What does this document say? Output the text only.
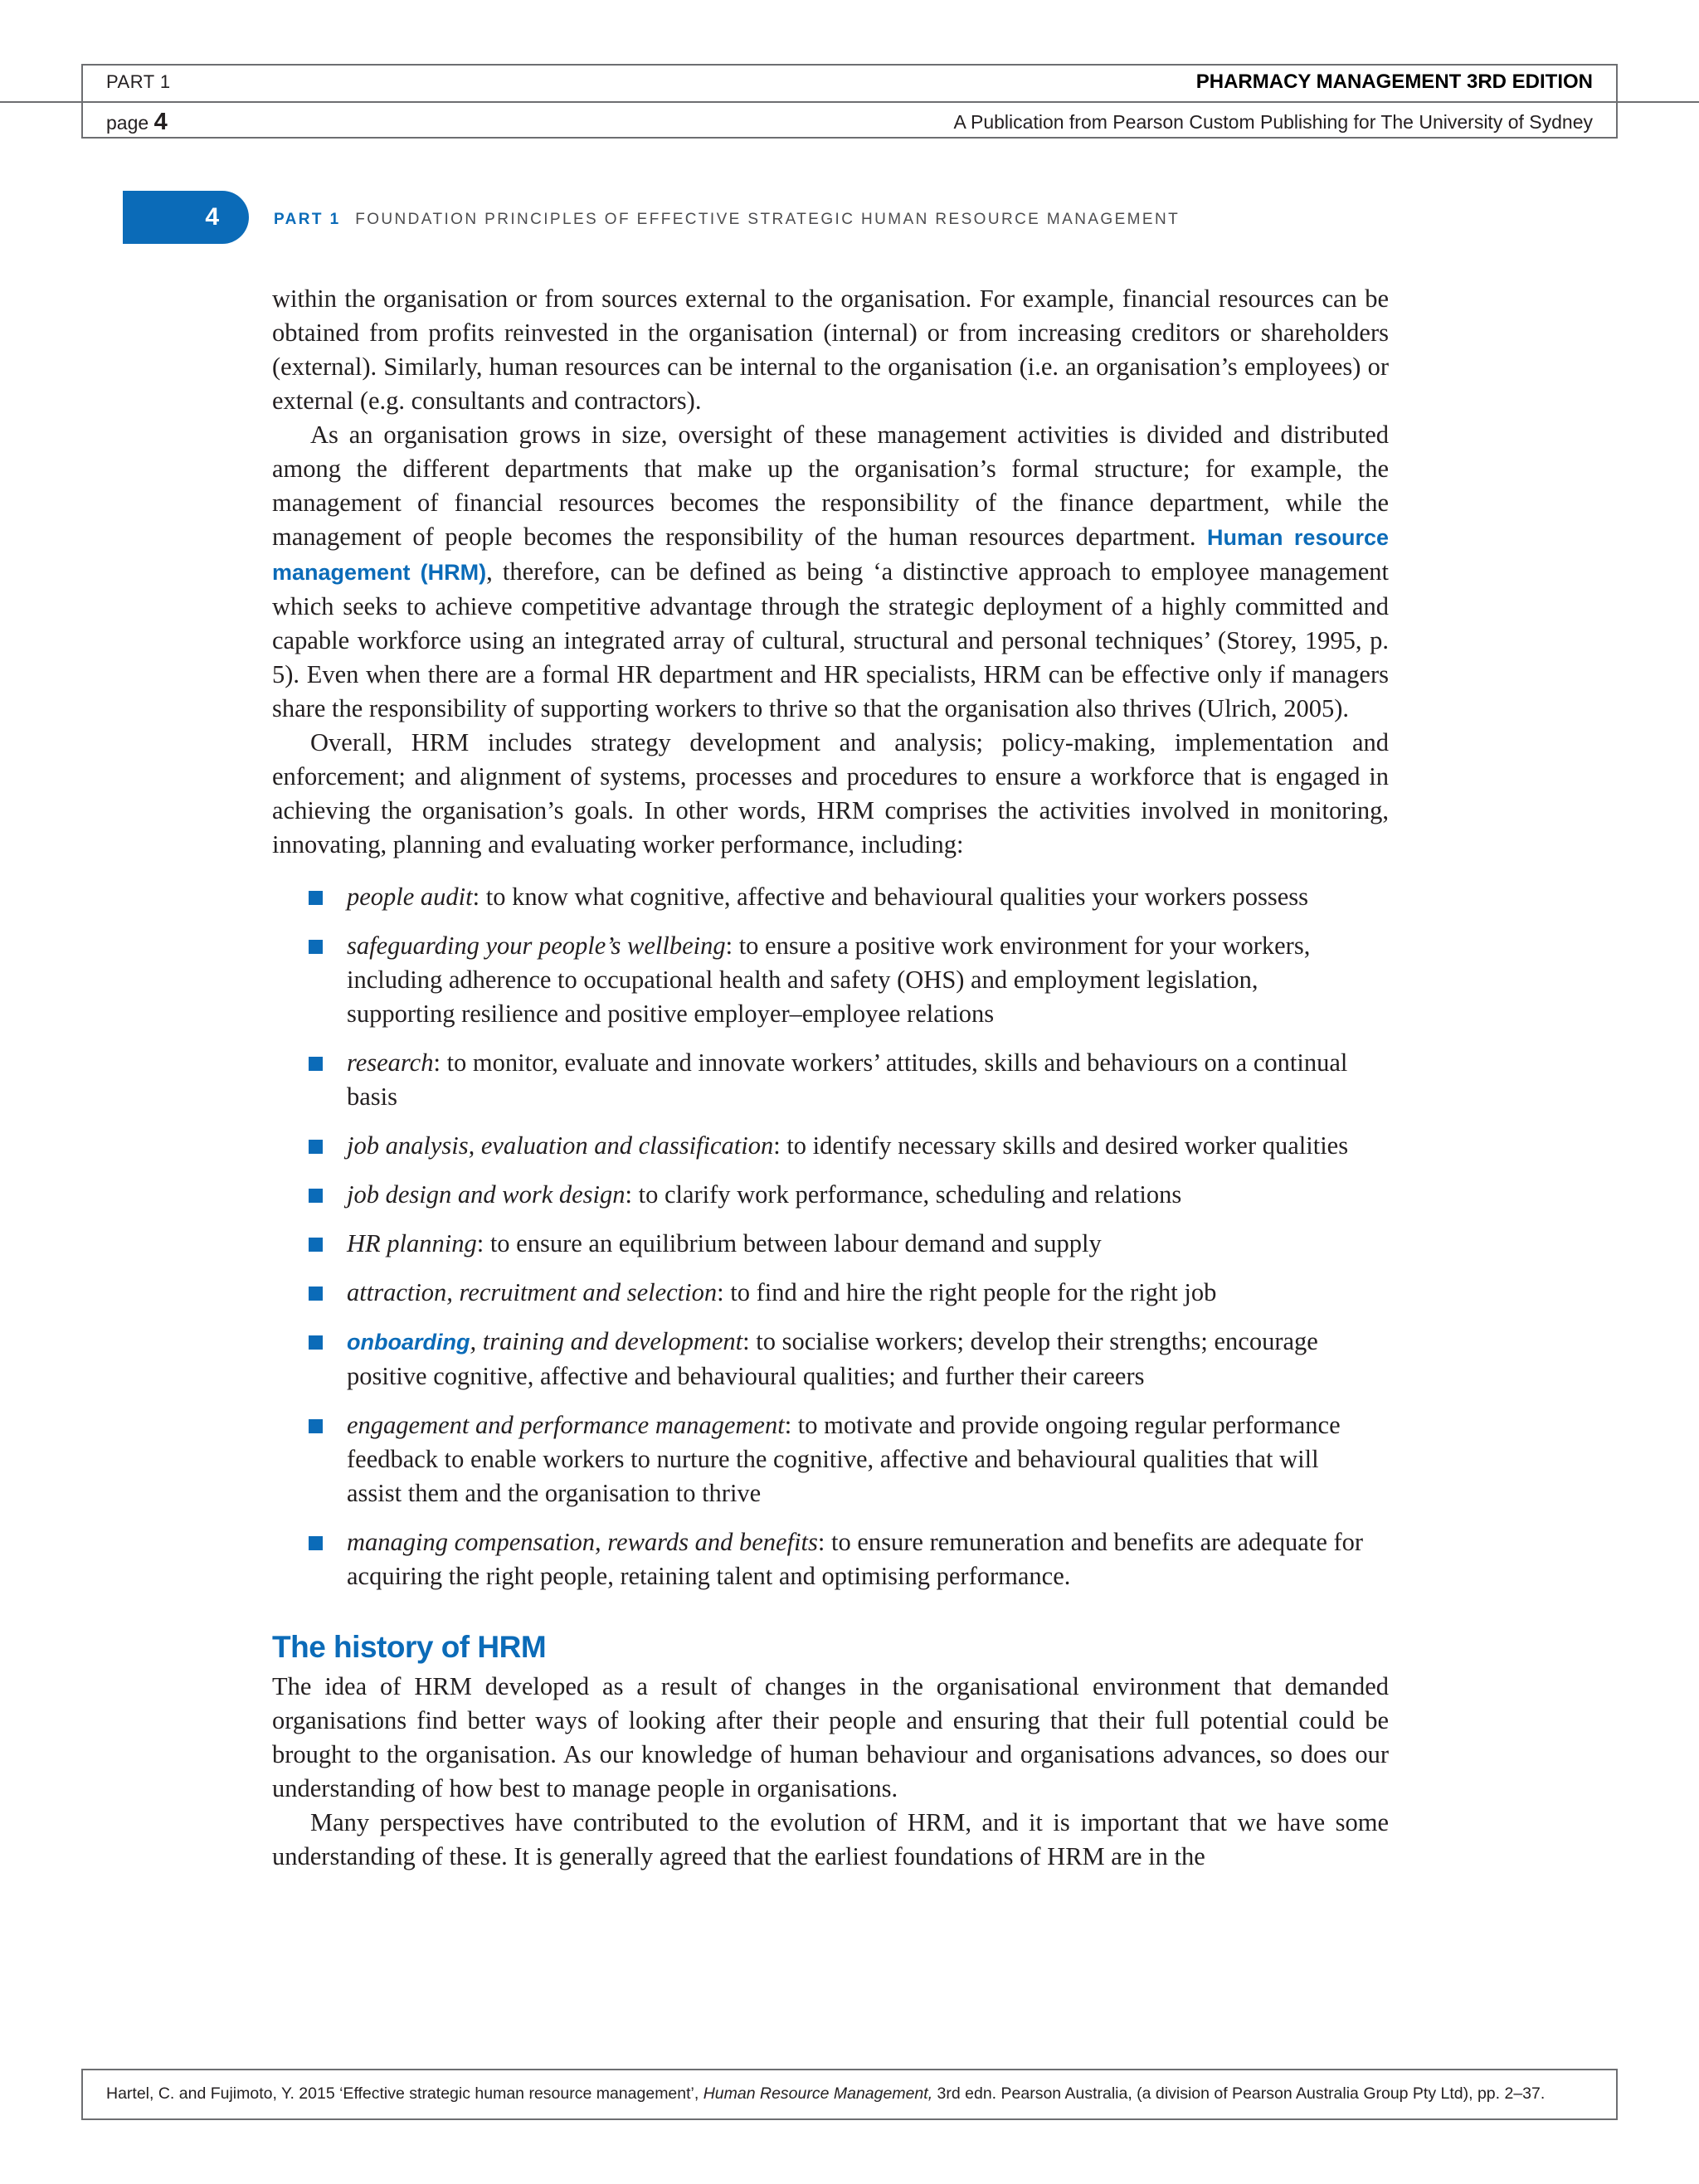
PART 1	PHARMACY MANAGEMENT 3RD EDITION
page 4	A Publication from Pearson Custom Publishing for The University of Sydney
4	PART 1 FOUNDATION PRINCIPLES OF EFFECTIVE STRATEGIC HUMAN RESOURCE MANAGEMENT

within the organisation or from sources external to the organisation. For example, financial resources can be obtained from profits reinvested in the organisation (internal) or from increasing creditors or shareholders (external). Similarly, human resources can be internal to the organisation (i.e. an organisation’s employees) or external (e.g. consultants and contractors).

As an organisation grows in size, oversight of these management activities is divided and distributed among the different departments that make up the organisation’s formal structure; for example, the management of financial resources becomes the responsibility of the finance department, while the management of people becomes the responsibility of the human resources department. Human resource management (HRM), therefore, can be defined as being ‘a distinctive approach to employee management which seeks to achieve competitive advantage through the strategic deployment of a highly committed and capable workforce using an integrated array of cultural, structural and personal techniques’ (Storey, 1995, p. 5). Even when there are a formal HR department and HR specialists, HRM can be effective only if managers share the responsibility of supporting workers to thrive so that the organisation also thrives (Ulrich, 2005).

Overall, HRM includes strategy development and analysis; policy-making, implementation and enforcement; and alignment of systems, processes and procedures to ensure a workforce that is engaged in achieving the organisation’s goals. In other words, HRM comprises the activities involved in monitoring, innovating, planning and evaluating worker performance, including:

people audit: to know what cognitive, affective and behavioural qualities your workers possess
safeguarding your people’s wellbeing: to ensure a positive work environment for your workers, including adherence to occupational health and safety (OHS) and employment legislation, supporting resilience and positive employer–employee relations
research: to monitor, evaluate and innovate workers’ attitudes, skills and behaviours on a continual basis
job analysis, evaluation and classification: to identify necessary skills and desired worker qualities
job design and work design: to clarify work performance, scheduling and relations
HR planning: to ensure an equilibrium between labour demand and supply
attraction, recruitment and selection: to find and hire the right people for the right job
onboarding, training and development: to socialise workers; develop their strengths; encourage positive cognitive, affective and behavioural qualities; and further their careers
engagement and performance management: to motivate and provide ongoing regular performance feedback to enable workers to nurture the cognitive, affective and behavioural qualities that will assist them and the organisation to thrive
managing compensation, rewards and benefits: to ensure remuneration and benefits are adequate for acquiring the right people, retaining talent and optimising performance.
The history of HRM

The idea of HRM developed as a result of changes in the organisational environment that demanded organisations find better ways of looking after their people and ensuring that their full potential could be brought to the organisation. As our knowledge of human behaviour and organisations advances, so does our understanding of how best to manage people in organisations.

Many perspectives have contributed to the evolution of HRM, and it is important that we have some understanding of these. It is generally agreed that the earliest foundations of HRM are in the

Hartel, C. and Fujimoto, Y. 2015 ‘Effective strategic human resource management’, Human Resource Management, 3rd edn. Pearson Australia, (a division of Pearson Australia Group Pty Ltd), pp. 2–37.
